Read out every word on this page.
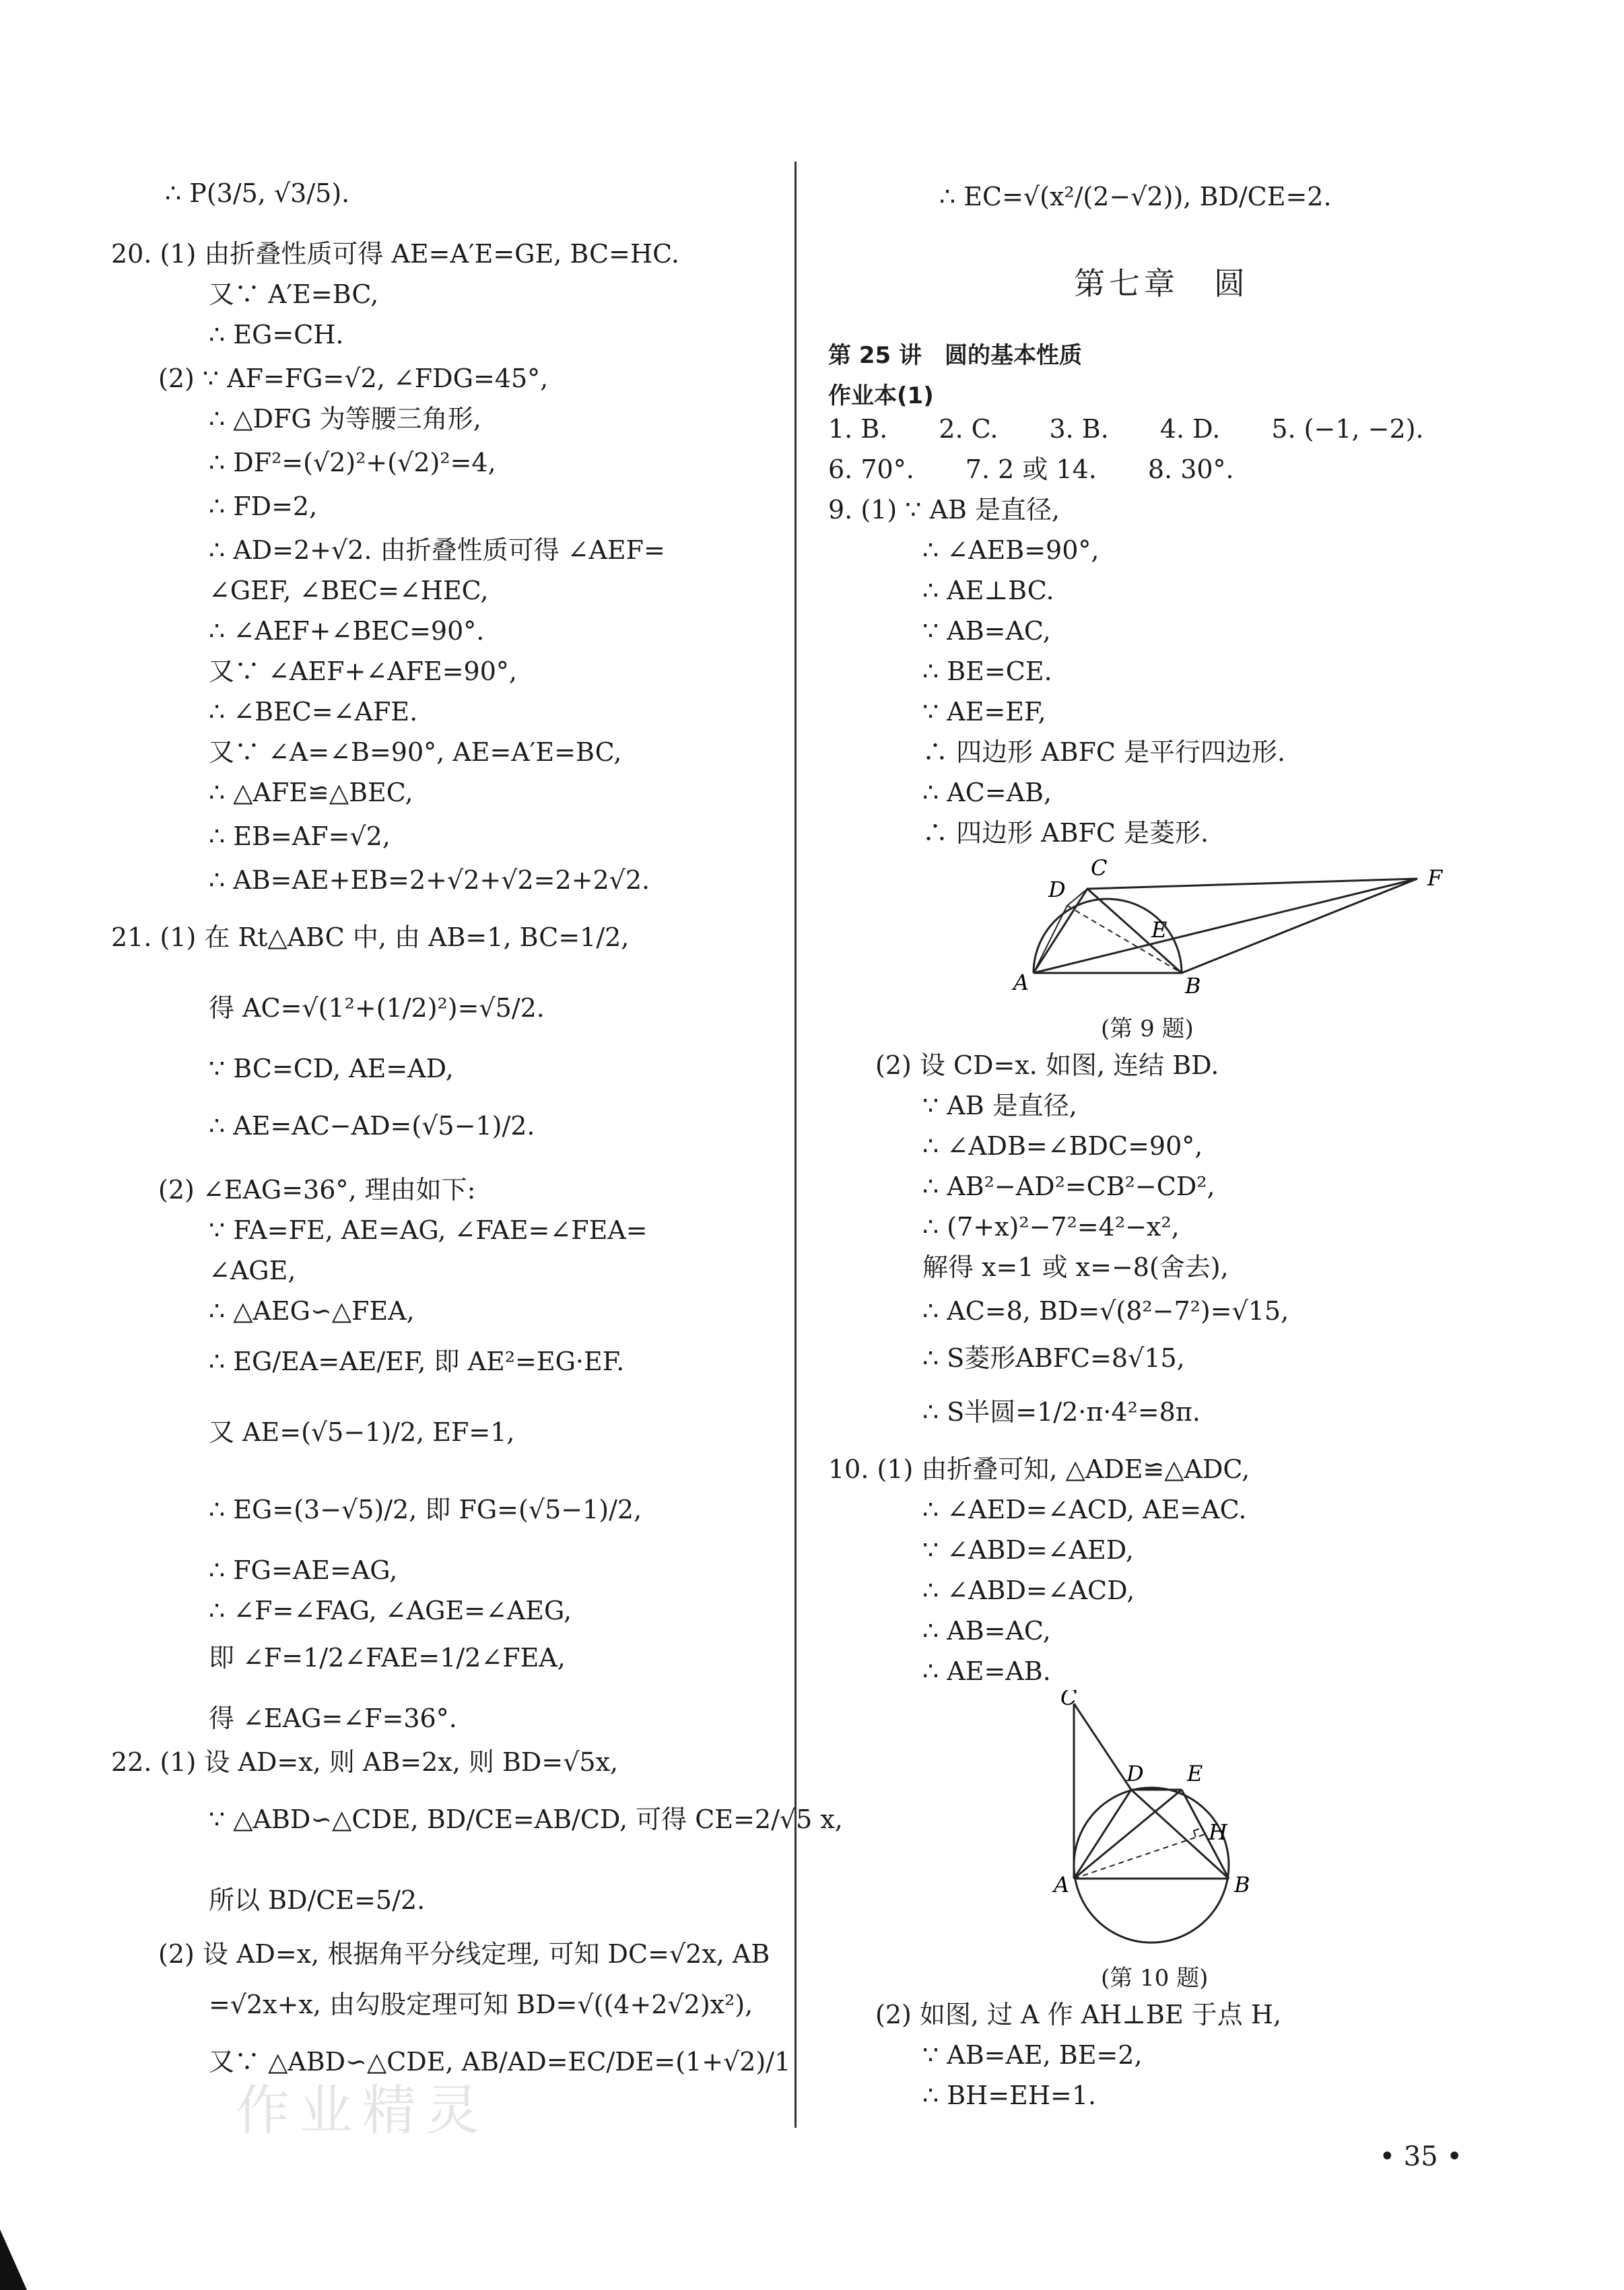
∴ P(3/5, √3/5).
20. (1) 由折叠性质可得 AE=A′E=GE, BC=HC.
又∵ A′E=BC,
∴ EG=CH.
(2) ∵ AF=FG=√2, ∠FDG=45°,
∴ △DFG 为等腰三角形,
∴ DF²=(√2)²+(√2)²=4,
∴ FD=2,
∴ AD=2+√2. 由折叠性质可得 ∠AEF=
∠GEF, ∠BEC=∠HEC,
∴ ∠AEF+∠BEC=90°.
又∵ ∠AEF+∠AFE=90°,
∴ ∠BEC=∠AFE.
又∵ ∠A=∠B=90°, AE=A′E=BC,
∴ △AFE≌△BEC,
∴ EB=AF=√2,
∴ AB=AE+EB=2+√2+√2=2+2√2.
21. (1) 在 Rt△ABC 中, 由 AB=1, BC=1/2,
得 AC=√(1²+(1/2)²)=√5/2.
∵ BC=CD, AE=AD,
∴ AE=AC−AD=(√5−1)/2.
(2) ∠EAG=36°, 理由如下:
∵ FA=FE, AE=AG, ∠FAE=∠FEA=
∠AGE,
∴ △AEG∽△FEA,
∴ EG/EA=AE/EF, 即 AE²=EG·EF.
又 AE=(√5−1)/2, EF=1,
∴ EG=(3−√5)/2, 即 FG=(√5−1)/2,
∴ FG=AE=AG,
∴ ∠F=∠FAG, ∠AGE=∠AEG,
即 ∠F=1/2∠FAE=1/2∠FEA,
得 ∠EAG=∠F=36°.
22. (1) 设 AD=x, 则 AB=2x, 则 BD=√5x,
∵ △ABD∽△CDE, BD/CE=AB/CD, 可得 CE=2/√5 x,
所以 BD/CE=5/2.
(2) 设 AD=x, 根据角平分线定理, 可知 DC=√2x, AB
=√2x+x, 由勾股定理可知 BD=√((4+2√2)x²),
又∵ △ABD∽△CDE, AB/AD=EC/DE=(1+√2)/1
∴ EC=√(x²/(2−√2)), BD/CE=2.
第七章　圆
第 25 讲　圆的基本性质
作业本(1)
1. B.　　2. C.　　3. B.　　4. D.　　5. (−1, −2).
6. 70°.　　7. 2 或 14.　　8. 30°.
9. (1) ∵ AB 是直径,
∴ ∠AEB=90°,
∴ AE⊥BC.
∵ AB=AC,
∴ BE=CE.
∵ AE=EF,
∴ 四边形 ABFC 是平行四边形.
∴ AC=AB,
∴ 四边形 ABFC 是菱形.
C
D	F
E
A	B
(第 9 题)
(2) 设 CD=x. 如图, 连结 BD.
∵ AB 是直径,
∴ ∠ADB=∠BDC=90°,
∴ AB²−AD²=CB²−CD²,
∴ (7+x)²−7²=4²−x²,
解得 x=1 或 x=−8(舍去),
∴ AC=8, BD=√(8²−7²)=√15,
∴ S菱形ABFC=8√15,
∴ S半圆=1/2·π·4²=8π.
10. (1) 由折叠可知, △ADE≌△ADC,
∴ ∠AED=∠ACD, AE=AC.
∵ ∠ABD=∠AED,
∴ ∠ABD=∠ACD,
∴ AB=AC,
∴ AE=AB.
C
D E
H
A	B
(第 10 题)
(2) 如图, 过 A 作 AH⊥BE 于点 H,
∵ AB=AE, BE=2,
∴ BH=EH=1.
作业精灵
• 35 •
